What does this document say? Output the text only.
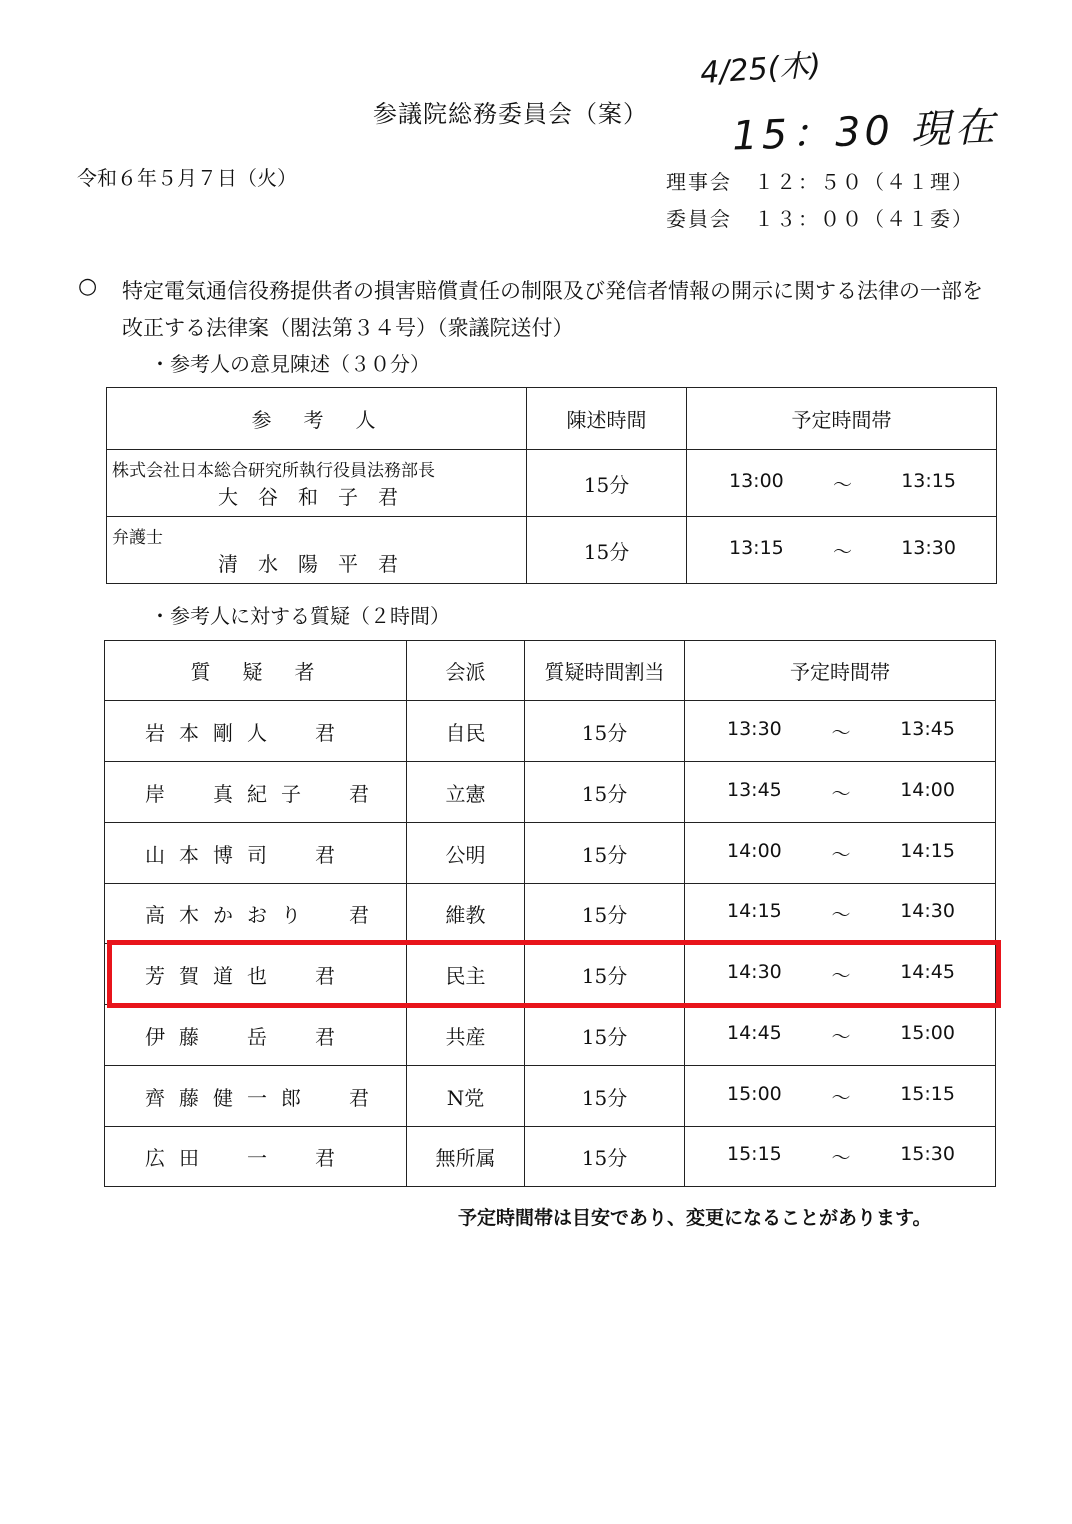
参議院総務委員会（案）
4/25(木)
15：30 現在
令和６年５月７日（火）	理事会　 １２：５０（４１理）
委員会　 １３：００（４１委）
○ 特定電気通信役務提供者の損害賠償責任の制限及び発信者情報の開示に関する法律の一部を改正する法律案（閣法第３４号）（衆議院送付）
・参考人の意見陳述（３０分）
参　考　人	陳述時間	予定時間帯

株式会社日本総合研究所執行役員法務部長
大谷和子君	15分	13:00 ～ 13:15

弁護士
清水陽平君	15分	13:15 ～ 13:30
・参考人に対する質疑（２時間）
質　疑　者	会派	質疑時間割当	予定時間帯
岩本剛人　君	自民	15分	13:30 ～ 13:45

岸　真紀子　君	立憲	15分	13:45 ～ 14:00

山本博司　君	公明	15分	14:00 ～ 14:15

高木かおり　君	維教	15分	14:15 ～ 14:30

芳賀道也　君	民主	15分	14:30 ～ 14:45

伊藤　岳　君	共産	15分	14:45 ～ 15:00

齊藤健一郎　君	N党	15分	15:00 ～ 15:15

広田　一　君	無所属	15分	15:15 ～ 15:30
予定時間帯は目安であり、変更になることがあります。
